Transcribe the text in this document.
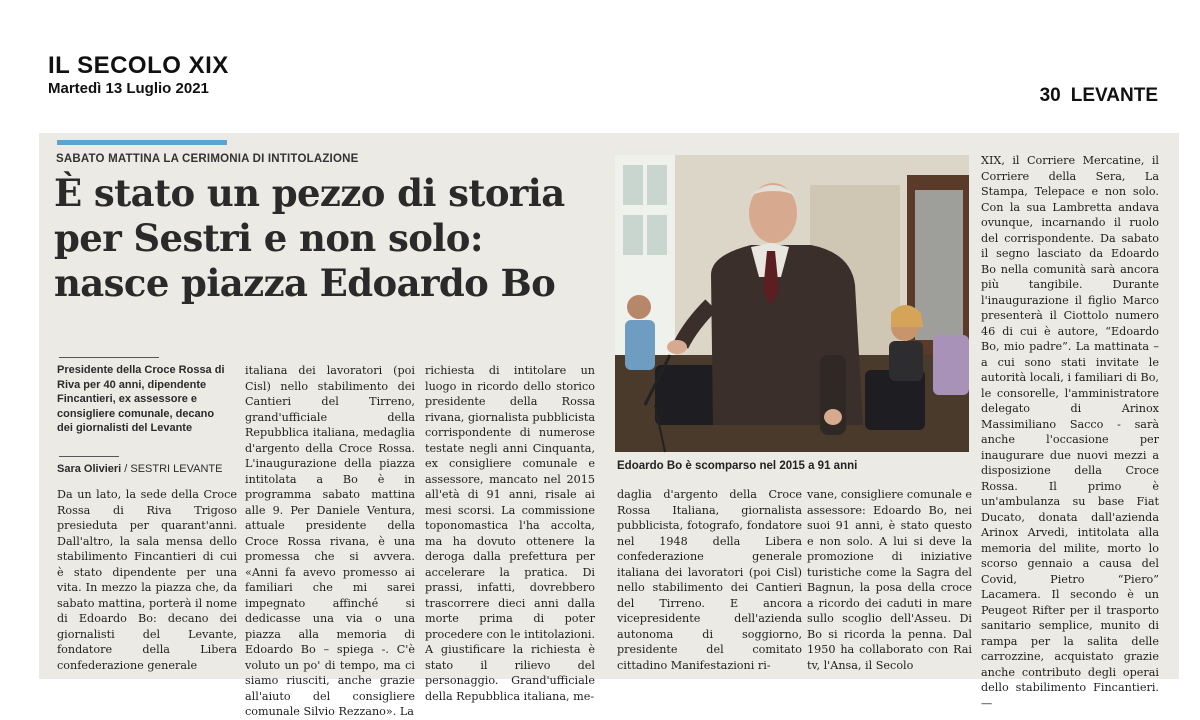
IL SECOLO XIX
Martedì 13 Luglio 2021	30 LEVANTE
SABATO MATTINA LA CERIMONIA DI INTITOLAZIONE
È stato un pezzo di storia
per Sestri e non solo:
nasce piazza Edoardo Bo

Presidente della Croce Rossa di Riva per 40 anni, dipendente Fincantieri, ex assessore e consigliere comunale, decano dei giornalisti del Levante

Sara Olivieri / SESTRI LEVANTE

Da un lato, la sede della Croce Rossa di Riva Trigoso presieduta per quarant'anni. Dall'altro, la sala mensa dello stabilimento Fincantieri di cui è stato dipendente per una vita. In mezzo la piazza che, da sabato mattina, porterà il nome di Edoardo Bo: decano dei giornalisti del Levante, fondatore della Libera confederazione generale

italiana dei lavoratori (poi Cisl) nello stabilimento dei Cantieri del Tirreno, grand'ufficiale della Repubblica italiana, medaglia d'argento della Croce Rossa. L'inaugurazione della piazza intitolata a Bo è in programma sabato mattina alle 9. Per Daniele Ventura, attuale presidente della Croce Rossa rivana, è una promessa che si avvera. «Anni fa avevo promesso ai familiari che mi sarei impegnato affinché si dedicasse una via o una piazza alla memoria di Edoardo Bo – spiega -. C'è voluto un po' di tempo, ma ci siamo riusciti, anche grazie all'aiuto del consigliere comunale Silvio Rezzano». La

richiesta di intitolare un luogo in ricordo dello storico presidente della Rossa rivana, giornalista pubblicista corrispondente di numerose testate negli anni Cinquanta, ex consigliere comunale e assessore, mancato nel 2015 all'età di 91 anni, risale ai mesi scorsi. La commissione toponomastica l'ha accolta, ma ha dovuto ottenere la deroga dalla prefettura per accelerare la pratica. Di prassi, infatti, dovrebbero trascorrere dieci anni dalla morte prima di poter procedere con le intitolazioni. A giustificare la richiesta è stato il rilievo del personaggio. Grand'ufficiale della Repubblica italiana, me-

daglia d'argento della Croce Rossa Italiana, giornalista pubblicista, fotografo, fondatore nel 1948 della Libera confederazione generale italiana dei lavoratori (poi Cisl) nello stabilimento dei Cantieri del Tirreno. E ancora vicepresidente dell'azienda autonoma di soggiorno, presidente del comitato cittadino Manifestazioni ri-

vane, consigliere comunale e assessore: Edoardo Bo, nei suoi 91 anni, è stato questo e non solo. A lui si deve la promozione di iniziative turistiche come la Sagra del Bagnun, la posa della croce a ricordo dei caduti in mare sullo scoglio dell'Asseu. Di Bo si ricorda la penna. Dal 1950 ha collaborato con Rai tv, l'Ansa, il Secolo

XIX, il Corriere Mercatine, il Corriere della Sera, La Stampa, Telepace e non solo. Con la sua Lambretta andava ovunque, incarnando il ruolo del corrispondente. Da sabato il segno lasciato da Edoardo Bo nella comunità sarà ancora più tangibile. Durante l'inaugurazione il figlio Marco presenterà il Ciottolo numero 46 di cui è autore, “Edoardo Bo, mio padre”. La mattinata – a cui sono stati invitate le autorità locali, i familiari di Bo, le consorelle, l'amministratore delegato di Arinox Massimiliano Sacco - sarà anche l'occasione per inaugurare due nuovi mezzi a disposizione della Croce Rossa. Il primo è un'ambulanza su base Fiat Ducato, donata dall'azienda Arinox Arvedi, intitolata alla memoria del milite, morto lo scorso gennaio a causa del Covid, Pietro “Piero” Lacamera. Il secondo è un Peugeot Rifter per il trasporto sanitario semplice, munito di rampa per la salita delle carrozzine, acquistato grazie anche contributo degli operai dello stabilimento Fincantieri. —

Edoardo Bo è scomparso nel 2015 a 91 anni
